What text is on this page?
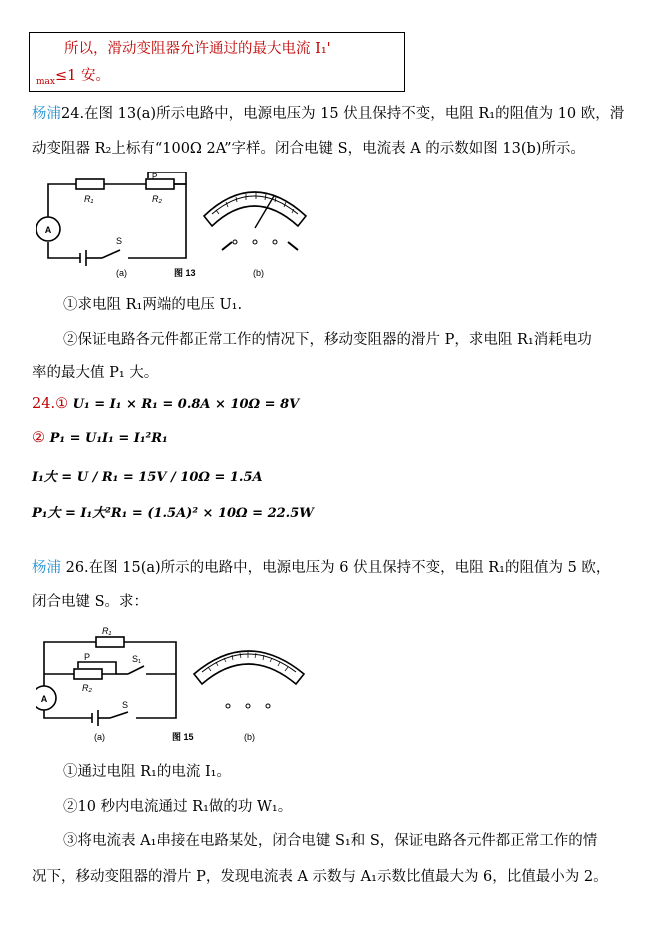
所以，滑动变阻器允许通过的最大电流 I₁'
$_{max}$≤1 安。
杨浦24.在图 13(a)所示电路中，电源电压为 15 伏且保持不变，电阻 R₁的阻值为 10 欧，滑
动变阻器 R₂上标有“100Ω 2A”字样。闭合电键 S，电流表 A 的示数如图 13(b)所示。
A
R₁	R₂
P
S
(a)	图 13	(b)
①求电阻 R₁两端的电压 U₁.
②保证电路各元件都正常工作的情况下，移动变阻器的滑片 P，求电阻 R₁消耗电功
率的最大值 P₁ 大。
24.① U₁ = I₁ × R₁ = 0.8A × 10Ω = 8V
② P₁ = U₁I₁ = I₁²R₁
I₁大 = U / R₁ = 15V / 10Ω = 1.5A
P₁大 = I₁大²R₁ = (1.5A)² × 10Ω = 22.5W
杨浦 26.在图 15(a)所示的电路中，电源电压为 6 伏且保持不变，电阻 R₁的阻值为 5 欧，
闭合电键 S。求：
A
R₁
R₂
P	S₁
S
(a)	图 15	(b)
①通过电阻 R₁的电流 I₁。
②10 秒内电流通过 R₁做的功 W₁。
③将电流表 A₁串接在电路某处，闭合电键 S₁和 S，保证电路各元件都正常工作的情
况下，移动变阻器的滑片 P，发现电流表 A 示数与 A₁示数比值最大为 6，比值最小为 2。
